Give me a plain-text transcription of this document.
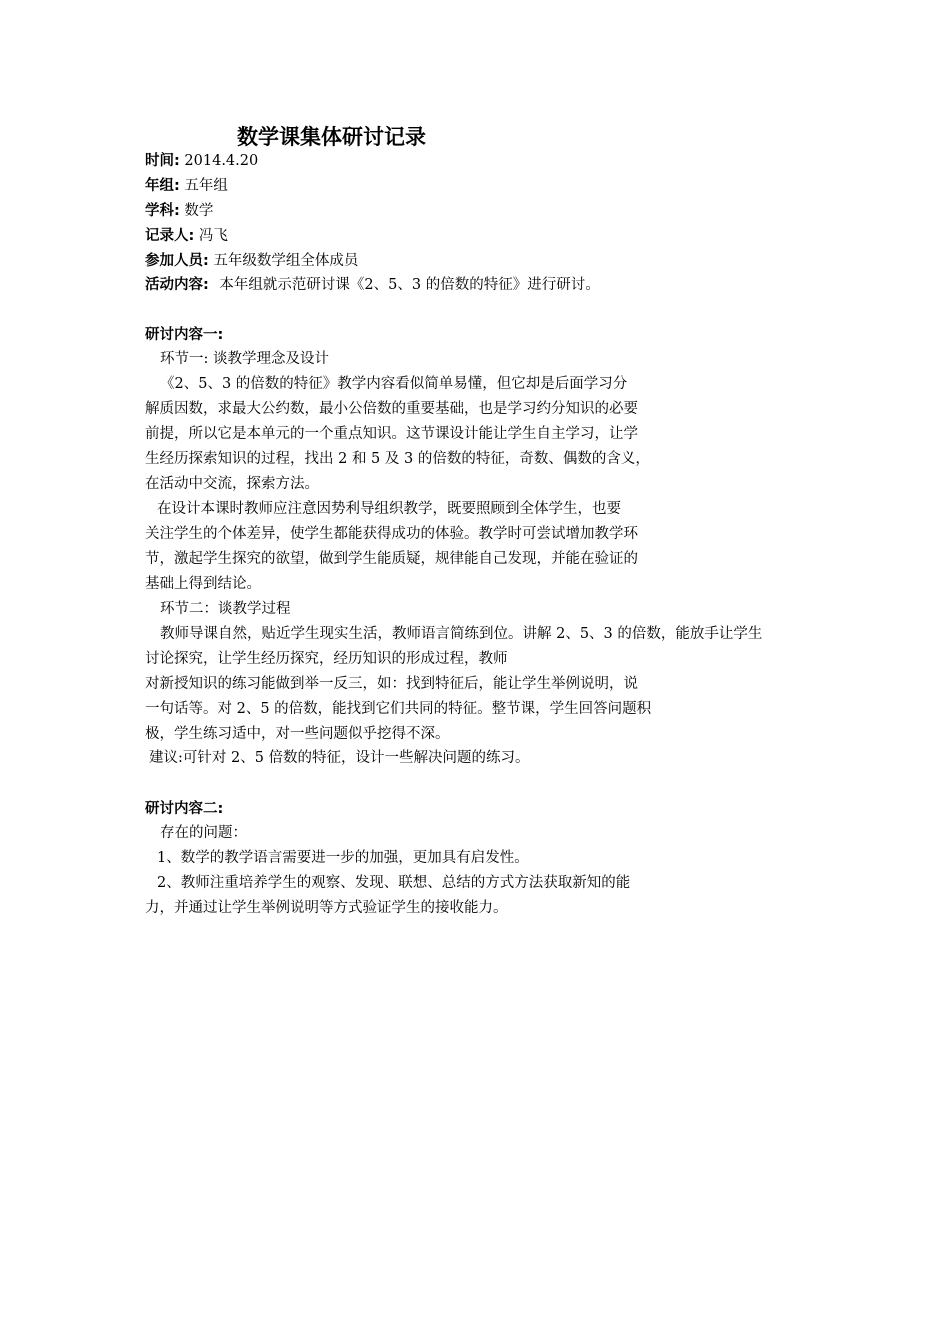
数学课集体研讨记录
时间: 2014.4.20
年组: 五年组
学科: 数学
记录人: 冯飞
参加人员: 五年级数学组全体成员
活动内容: 本年组就示范研讨课《2、5、3 的倍数的特征》进行研讨。
研讨内容一:
环节一: 谈教学理念及设计
《2、5、3 的倍数的特征》教学内容看似简单易懂，但它却是后面学习分
解质因数，求最大公约数，最小公倍数的重要基础，也是学习约分知识的必要
前提，所以它是本单元的一个重点知识。这节课设计能让学生自主学习，让学
生经历探索知识的过程，找出 2 和 5 及 3 的倍数的特征，奇数、偶数的含义，
在活动中交流，探索方法。
在设计本课时教师应注意因势利导组织教学，既要照顾到全体学生，也要
关注学生的个体差异，使学生都能获得成功的体验。教学时可尝试增加教学环
节，激起学生探究的欲望，做到学生能质疑，规律能自己发现，并能在验证的
基础上得到结论。
环节二：谈教学过程
教师导课自然，贴近学生现实生活，教师语言简练到位。讲解 2、5、3 的倍数，能放手让学生
讨论探究，让学生经历探究，经历知识的形成过程，教师
对新授知识的练习能做到举一反三，如：找到特征后，能让学生举例说明，说
一句话等。对 2、5 的倍数，能找到它们共同的特征。整节课，学生回答问题积
极，学生练习适中，对一些问题似乎挖得不深。
建议:可针对 2、5 倍数的特征，设计一些解决问题的练习。
研讨内容二:
存在的问题：
1、数学的教学语言需要进一步的加强，更加具有启发性。
2、教师注重培养学生的观察、发现、联想、总结的方式方法获取新知的能
力，并通过让学生举例说明等方式验证学生的接收能力。
